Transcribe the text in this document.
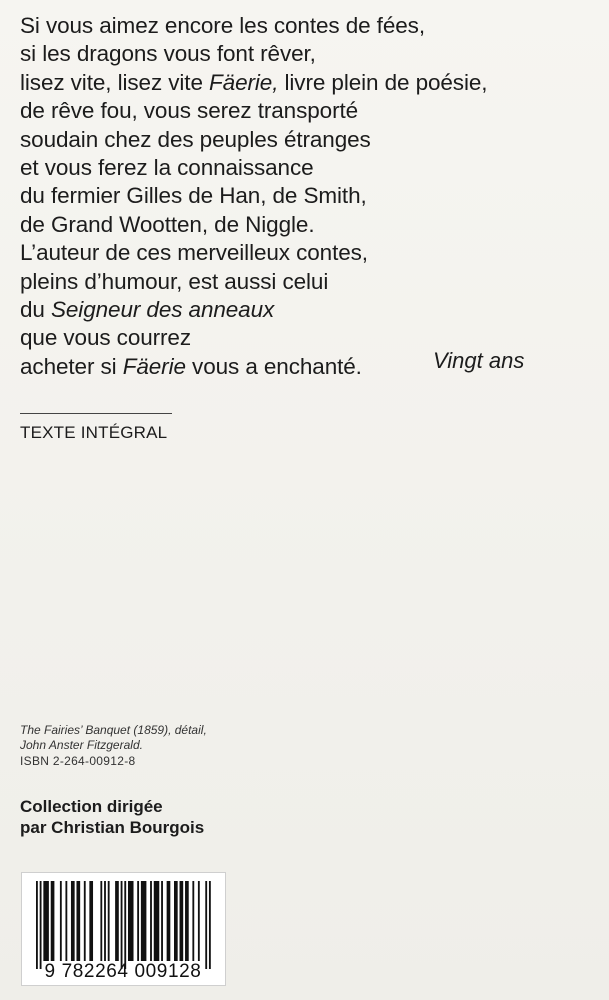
Si vous aimez encore les contes de fées,
si les dragons vous font rêver,
lisez vite, lisez vite Fäerie, livre plein de poésie,
de rêve fou, vous serez transporté
soudain chez des peuples étranges
et vous ferez la connaissance
du fermier Gilles de Han, de Smith,
de Grand Wootten, de Niggle.
L’auteur de ces merveilleux contes,
pleins d’humour, est aussi celui
du Seigneur des anneaux
que vous courrez
acheter si Fäerie vous a enchanté.	Vingt ans
TEXTE INTÉGRAL
The Fairies’ Banquet (1859), détail,
John Anster Fitzgerald.
ISBN 2-264-00912-8
Collection dirigée
par Christian Bourgois
9 782264 009128
